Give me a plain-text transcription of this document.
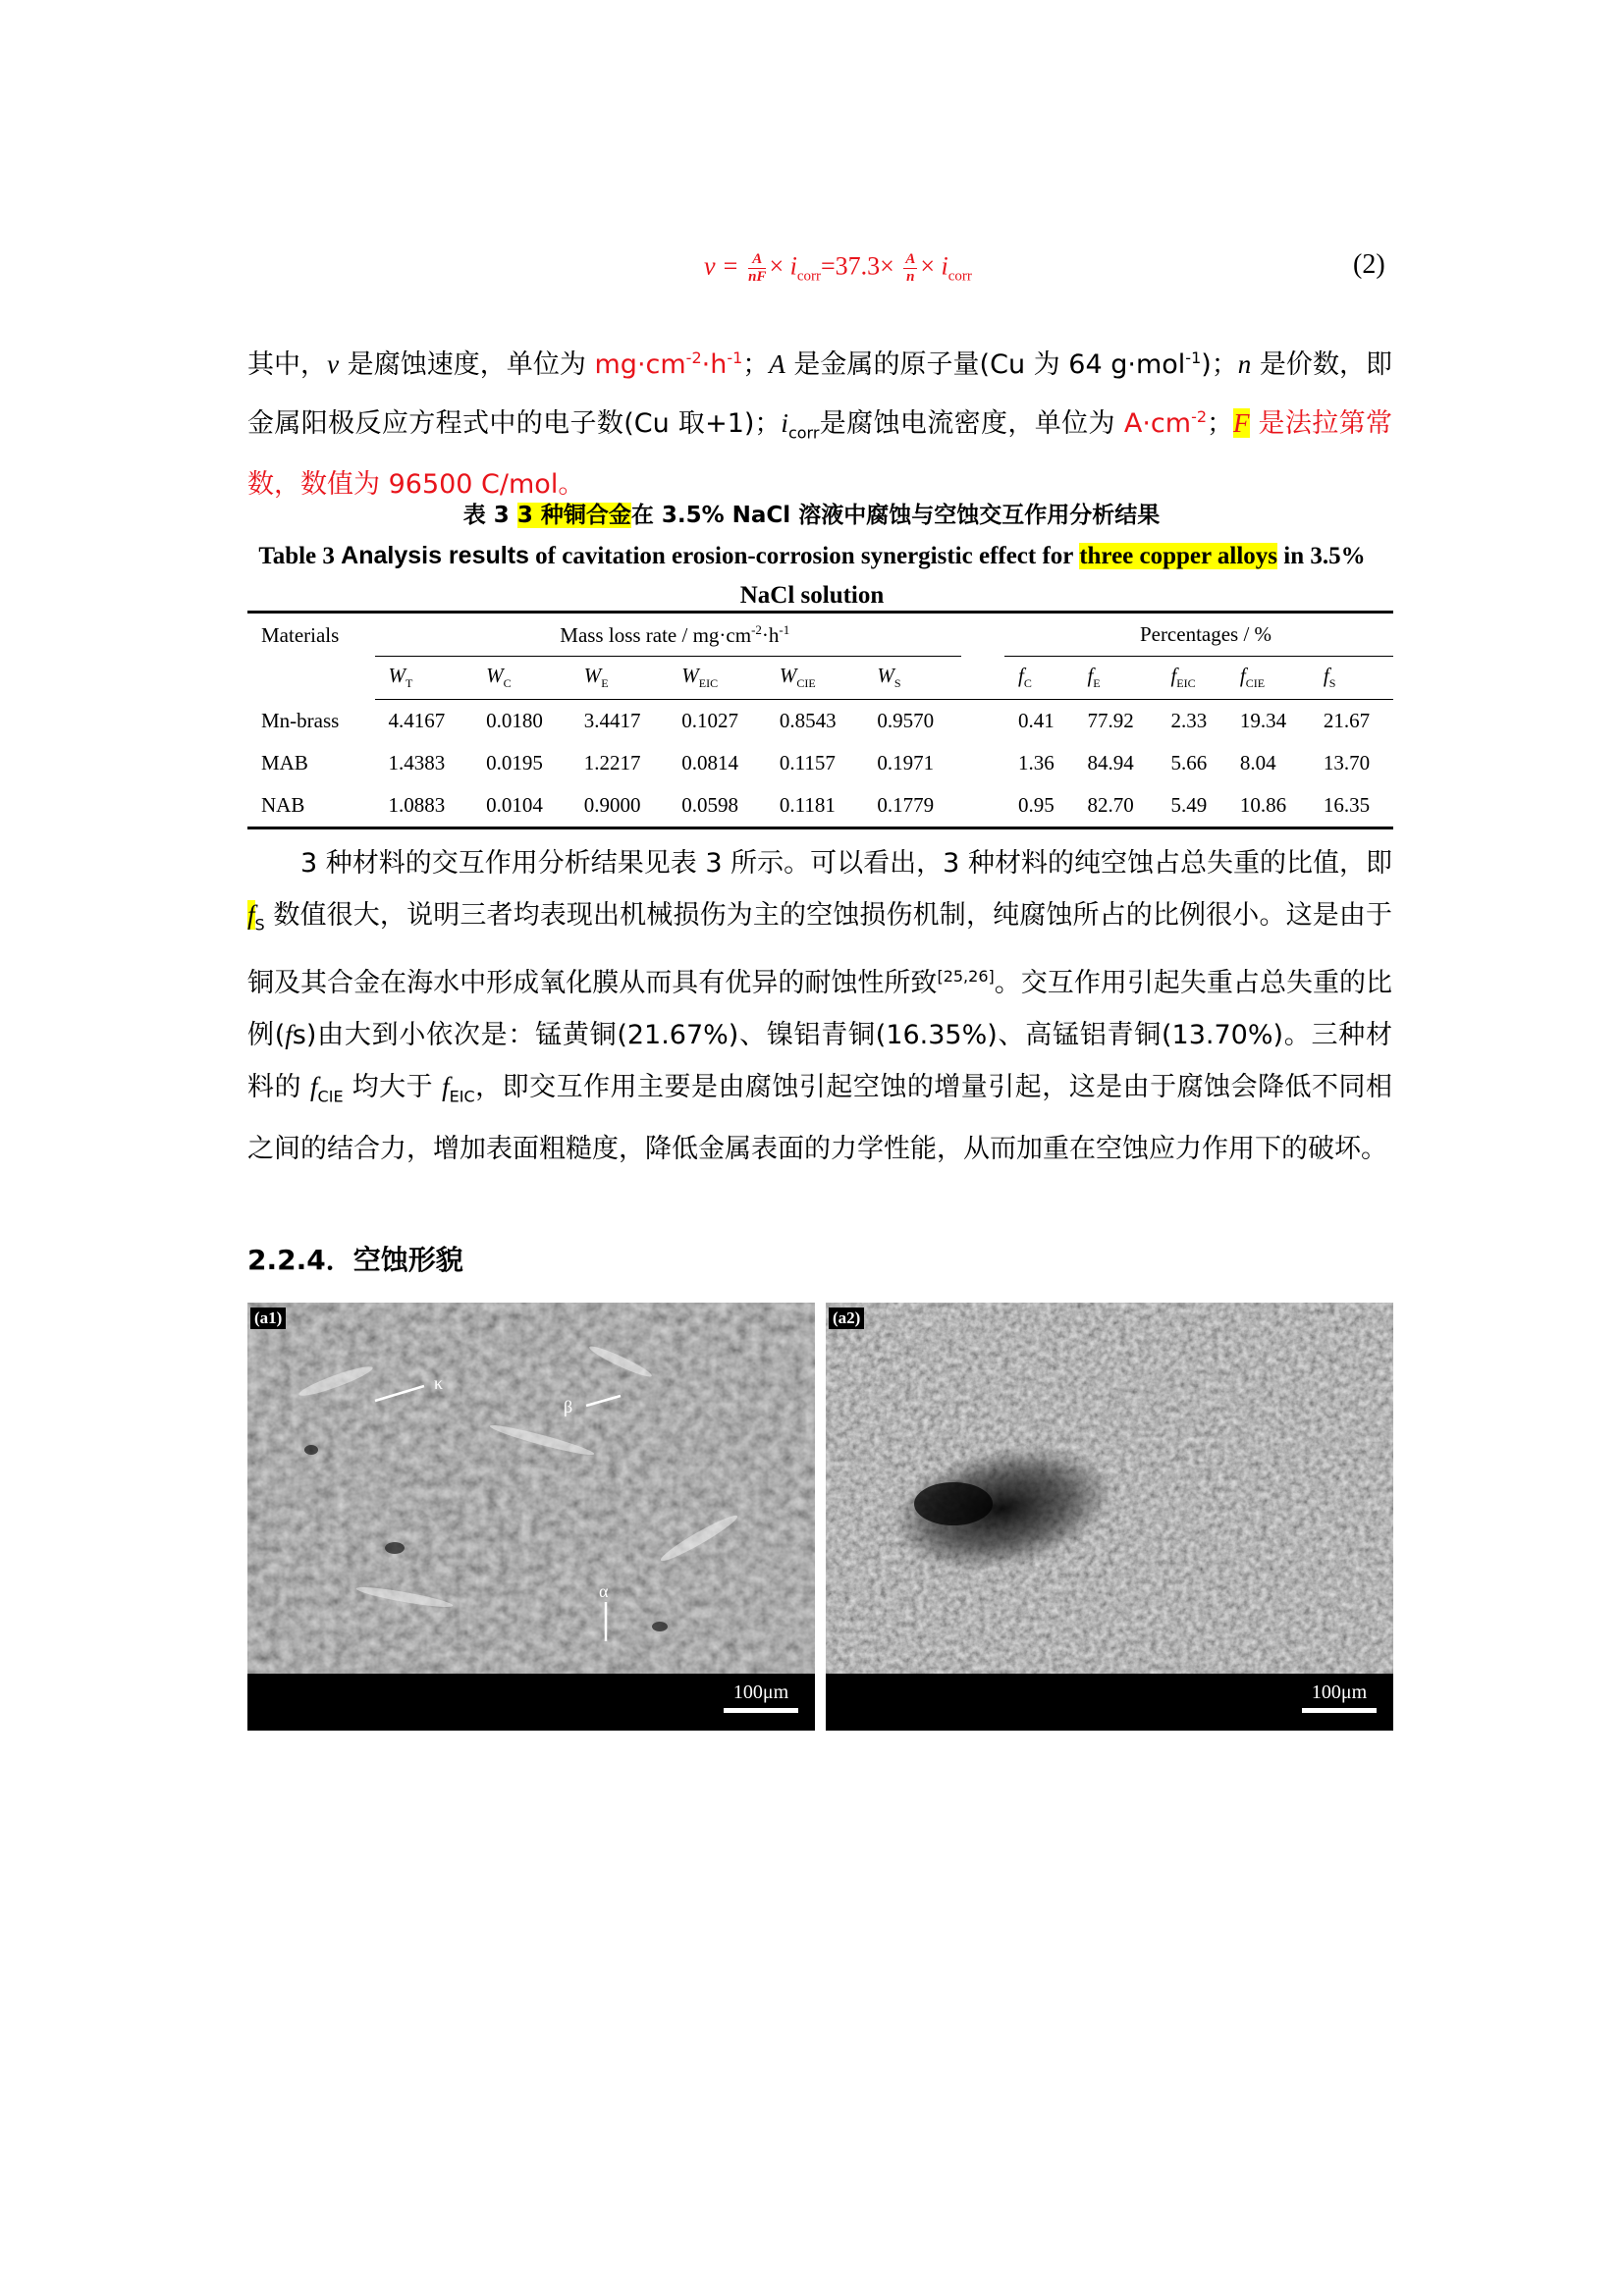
$v = \frac{A}{nF} \times i_{corr}=37.3\times \frac{A}{n} \times i_{corr}$	(2)
其中，v 是腐蚀速度，单位为 $mg\cdot cm^{-2}\cdot h^{-1}$；A 是金属的原子量(Cu 为 64 g·mol$^{-1}$)；n 是价数，即金属阳极反应方程式中的电子数(Cu 取+1)；$i_{corr}$是腐蚀电流密度，单位为 $A\cdot cm^{-2}$；F 是法拉第常数，数值为 96500 C/mol。
表 3 3 种铜合金在 3.5% NaCl 溶液中腐蚀与空蚀交互作用分析结果
Table 3 Analysis results of cavitation erosion-corrosion synergistic effect for three copper alloys in 3.5% NaCl solution
Materials	Mass loss rate / $mg\cdot cm^{-2}\cdot h^{-1}$							Percentages / %				
	$W_T$	$W_C$	$W_E$	$W_{EIC}$	$W_{CIE}$	$W_S$		$f_C$	$f_E$	$f_{EIC}$	$f_{CIE}$	$f_S$
Mn-brass	4.4167	0.0180	3.4417	0.1027	0.8543	0.9570		0.41	77.92	2.33	19.34	21.67
MAB	1.4383	0.0195	1.2217	0.0814	0.1157	0.1971		1.36	84.94	5.66	8.04	13.70
NAB	1.0883	0.0104	0.9000	0.0598	0.1181	0.1779		0.95	82.70	5.49	10.86	16.35
3 种材料的交互作用分析结果见表 3 所示。可以看出，3 种材料的纯空蚀占总失重的比值，即 $f_S$ 数值很大，说明三者均表现出机械损伤为主的空蚀损伤机制，纯腐蚀所占的比例很小。这是由于铜及其合金在海水中形成氧化膜从而具有优异的耐蚀性所致[25,26]。交互作用引起失重占总失重的比例(fs)由大到小依次是：锰黄铜(21.67%)、镍铝青铜(16.35%)、高锰铝青铜(13.70%)。三种材料的 $f_{CIE}$ 均大于 $f_{EIC}$，即交互作用主要是由腐蚀引起空蚀的增量引起，这是由于腐蚀会降低不同相之间的结合力，增加表面粗糙度，降低金属表面的力学性能，从而加重在空蚀应力作用下的破坏。
2.2.4．空蚀形貌
κ
β
α
(a1)
100μm
(a2)
100μm
